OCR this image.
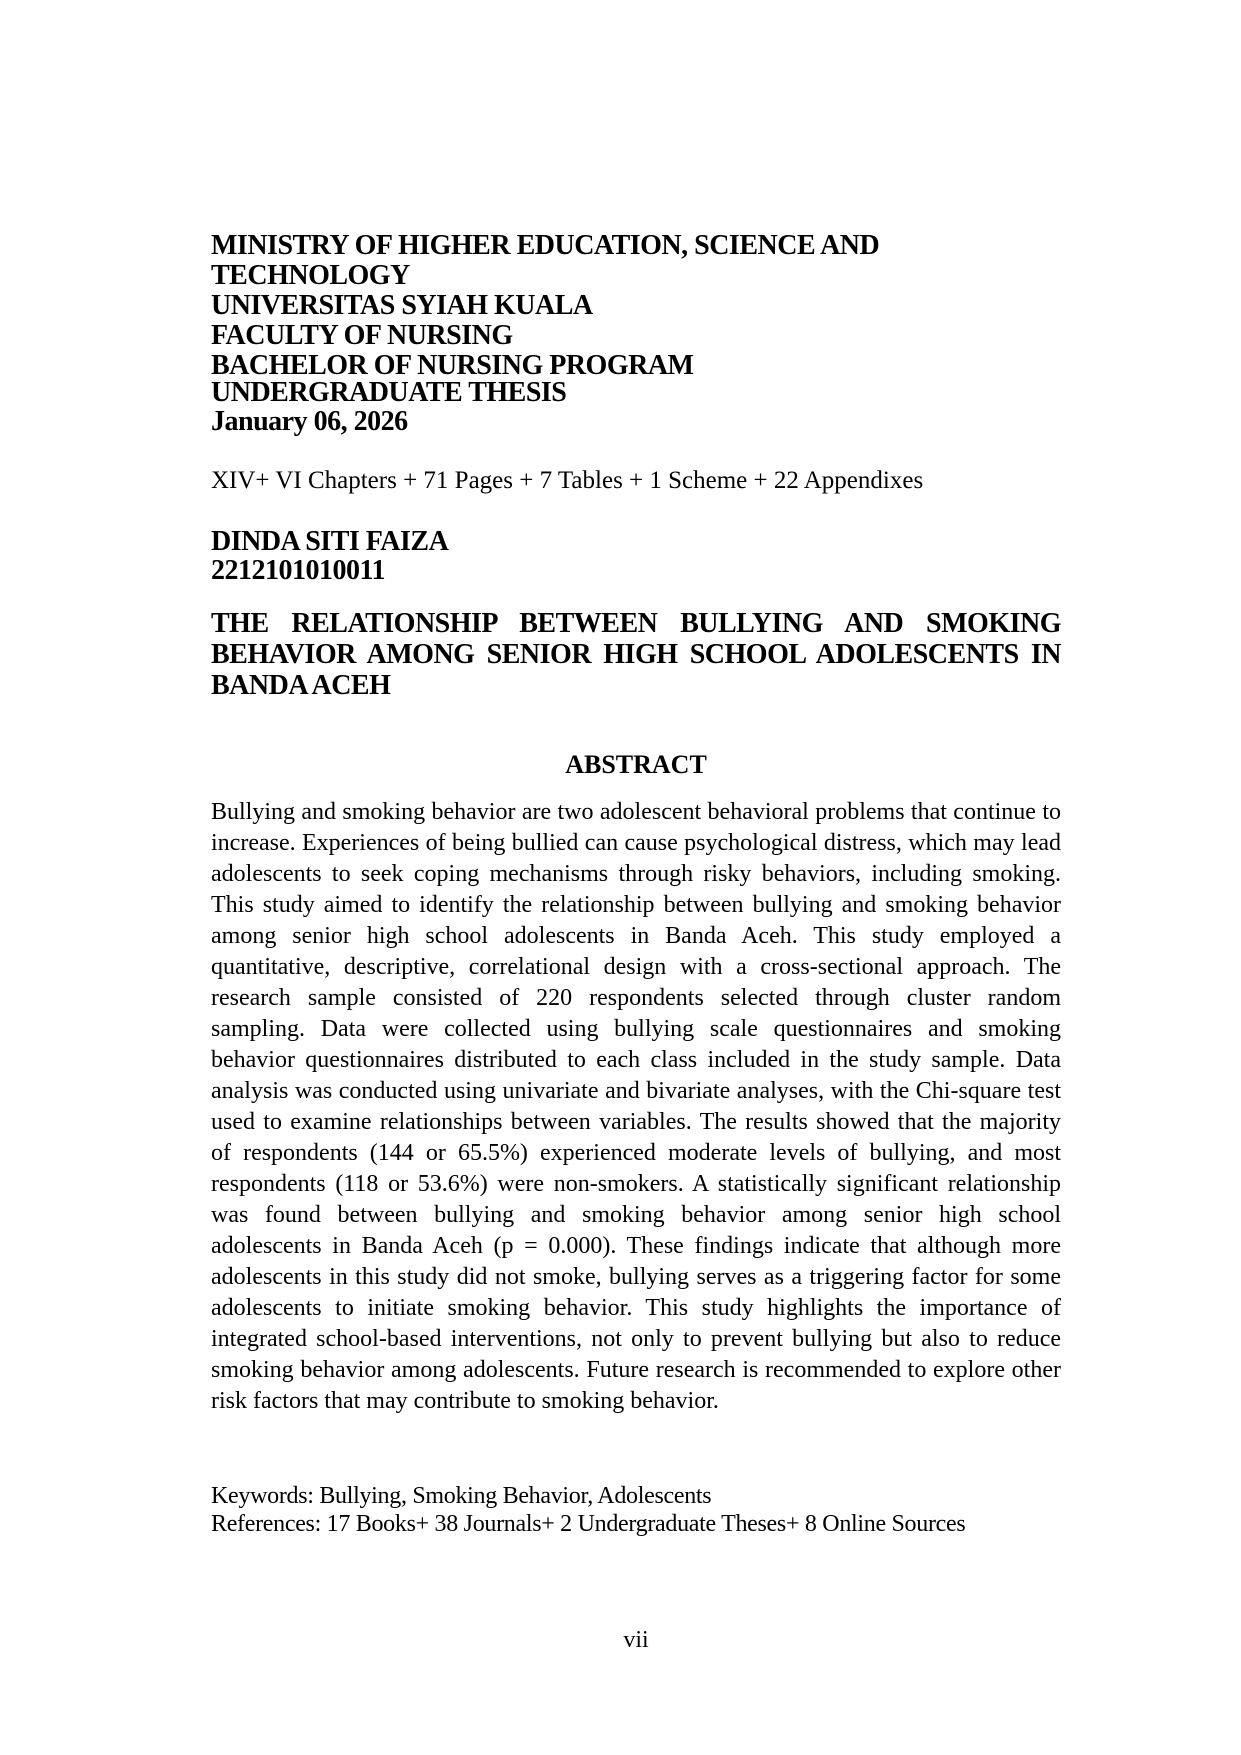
MINISTRY OF HIGHER EDUCATION, SCIENCE AND TECHNOLOGY
UNIVERSITAS SYIAH KUALA
FACULTY OF NURSING
BACHELOR OF NURSING PROGRAM
UNDERGRADUATE THESIS
January 06, 2026
XIV+ VI Chapters + 71 Pages + 7 Tables + 1 Scheme + 22 Appendixes
DINDA SITI FAIZA
2212101010011
THE RELATIONSHIP BETWEEN BULLYING AND SMOKING
BEHAVIOR AMONG SENIOR HIGH SCHOOL ADOLESCENTS IN
BANDA ACEH
ABSTRACT
Bullying and smoking behavior are two adolescent behavioral problems that continue to increase. Experiences of being bullied can cause psychological distress, which may lead adolescents to seek coping mechanisms through risky behaviors, including smoking. This study aimed to identify the relationship between bullying and smoking behavior among senior high school adolescents in Banda Aceh. This study employed a quantitative, descriptive, correlational design with a cross-sectional approach. The research sample consisted of 220 respondents selected through cluster random sampling. Data were collected using bullying scale questionnaires and smoking behavior questionnaires distributed to each class included in the study sample. Data analysis was conducted using univariate and bivariate analyses, with the Chi-square test used to examine relationships between variables. The results showed that the majority of respondents (144 or 65.5%) experienced moderate levels of bullying, and most respondents (118 or 53.6%) were non-smokers. A statistically significant relationship was found between bullying and smoking behavior among senior high school adolescents in Banda Aceh (p = 0.000). These findings indicate that although more adolescents in this study did not smoke, bullying serves as a triggering factor for some adolescents to initiate smoking behavior. This study highlights the importance of integrated school-based interventions, not only to prevent bullying but also to reduce smoking behavior among adolescents. Future research is recommended to explore other risk factors that may contribute to smoking behavior.
Keywords: Bullying, Smoking Behavior, Adolescents
References: 17 Books+ 38 Journals+ 2 Undergraduate Theses+ 8 Online Sources
vii
